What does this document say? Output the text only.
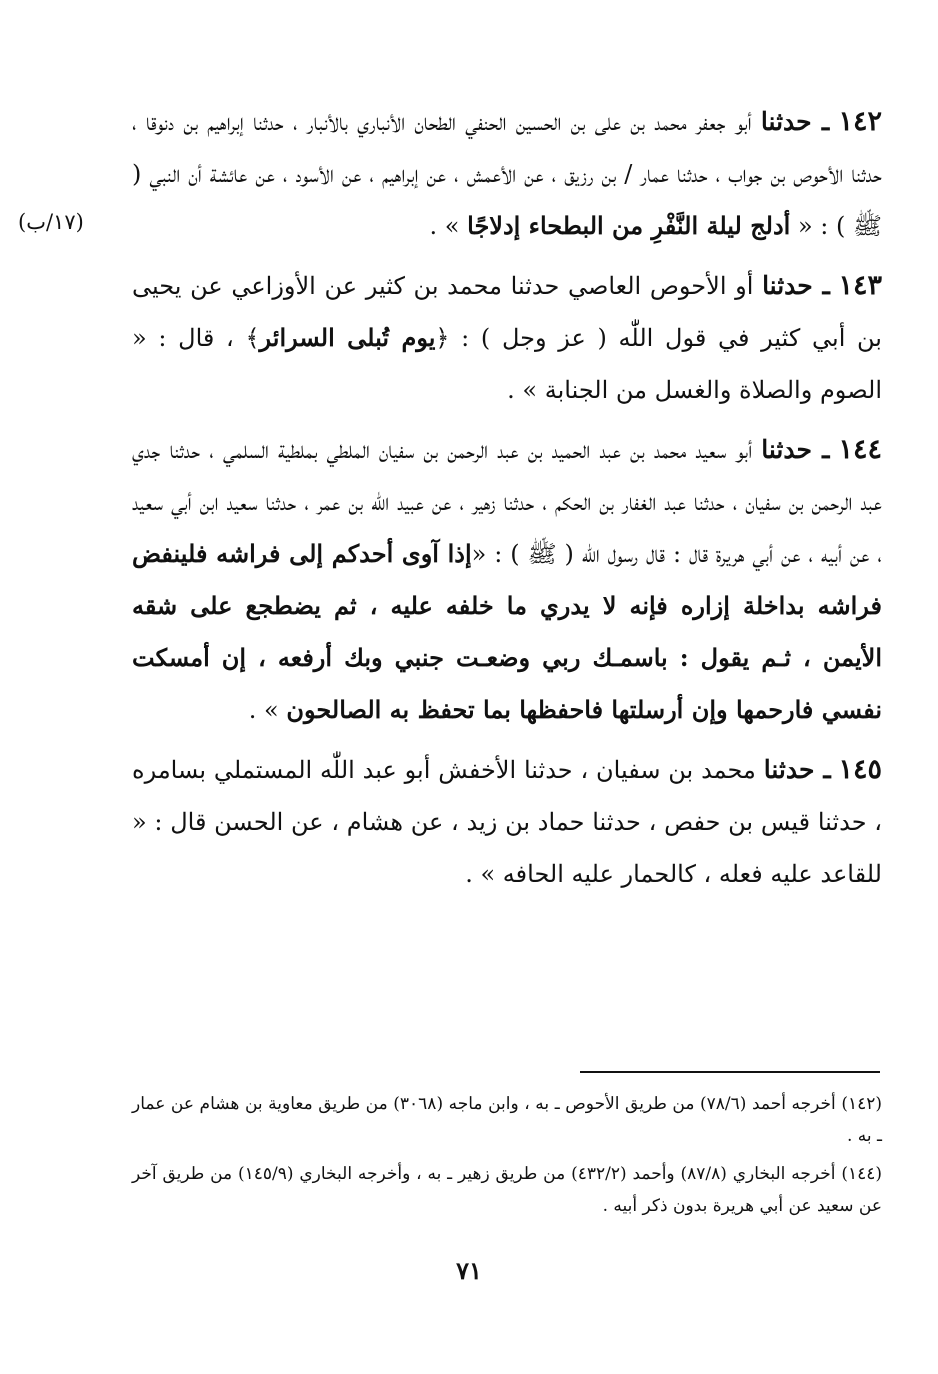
١٤٢ ـ حدثنا أبو جعفر محمد بن على بن الحسين الحنفي الطحان الأنباري بالأنبار ، حدثنا إبراهيم بن دنوقا ، حدثنا الأحوص بن جواب ، حدثنا عمار / بن رزيق ، عن الأعمش ، عن إبراهيم ، عن الأسود ، عن عائشة أن النبي ( ﷺ ) : « أدلج ليلة النَّفْرِ من البطحاء إدلاجًا » .

١٤٣ ـ حدثنا أو الأحوص العاصي حدثنا محمد بن كثير عن الأوزاعي عن يحيى بن أبي كثير في قول اللّٰه ( عز وجل ) : ﴿يوم تُبلى السرائر﴾ ، قال : « الصوم والصلاة والغسل من الجنابة » .

١٤٤ ـ حدثنا أبو سعيد محمد بن عبد الحميد بن عبد الرحمن بن سفيان الملطي بملطية السلمي ، حدثنا جدي عبد الرحمن بن سفيان ، حدثنا عبد الغفار بن الحكم ، حدثنا زهير ، عن عبيد اللّٰه بن عمر ، حدثنا سعيد ابن أبي سعيد ، عن أبيه ، عن أبي هريرة قال : قال رسول اللّٰه ( ﷺ ) : «إذا آوى أحدكم إلى فراشه فلينفض فراشه بداخلة إزاره فإنه لا يدري ما خلفه عليه ، ثم يضطجع على شقه الأيمن ، ثـم يقول : باسمـك ربي وضعـت جنبي وبك أرفعه ، إن أمسكت نفسي فارحمها وإن أرسلتها فاحفظها بما تحفظ به الصالحون » .

١٤٥ ـ حدثنا محمد بن سفيان ، حدثنا الأخفش أبو عبد اللّٰه المستملي بسامره ، حدثنا قيس بن حفص ، حدثنا حماد بن زيد ، عن هشام ، عن الحسن قال : « للقاعد عليه فعله ، كالحمار عليه الحافه » .

(١٧/ب)

(١٤٢) أخرجه أحمد (٧٨/٦) من طريق الأحوص ـ به ، وابن ماجه (٣٠٦٨) من طريق معاوية بن هشام عن عمار ـ به .

(١٤٤) أخرجه البخاري (٨٧/٨) وأحمد (٤٣٢/٢) من طريق زهير ـ به ، وأخرجه البخاري (١٤٥/٩) من طريق آخر عن سعيد عن أبي هريرة بدون ذكر أبيه .

٧١
